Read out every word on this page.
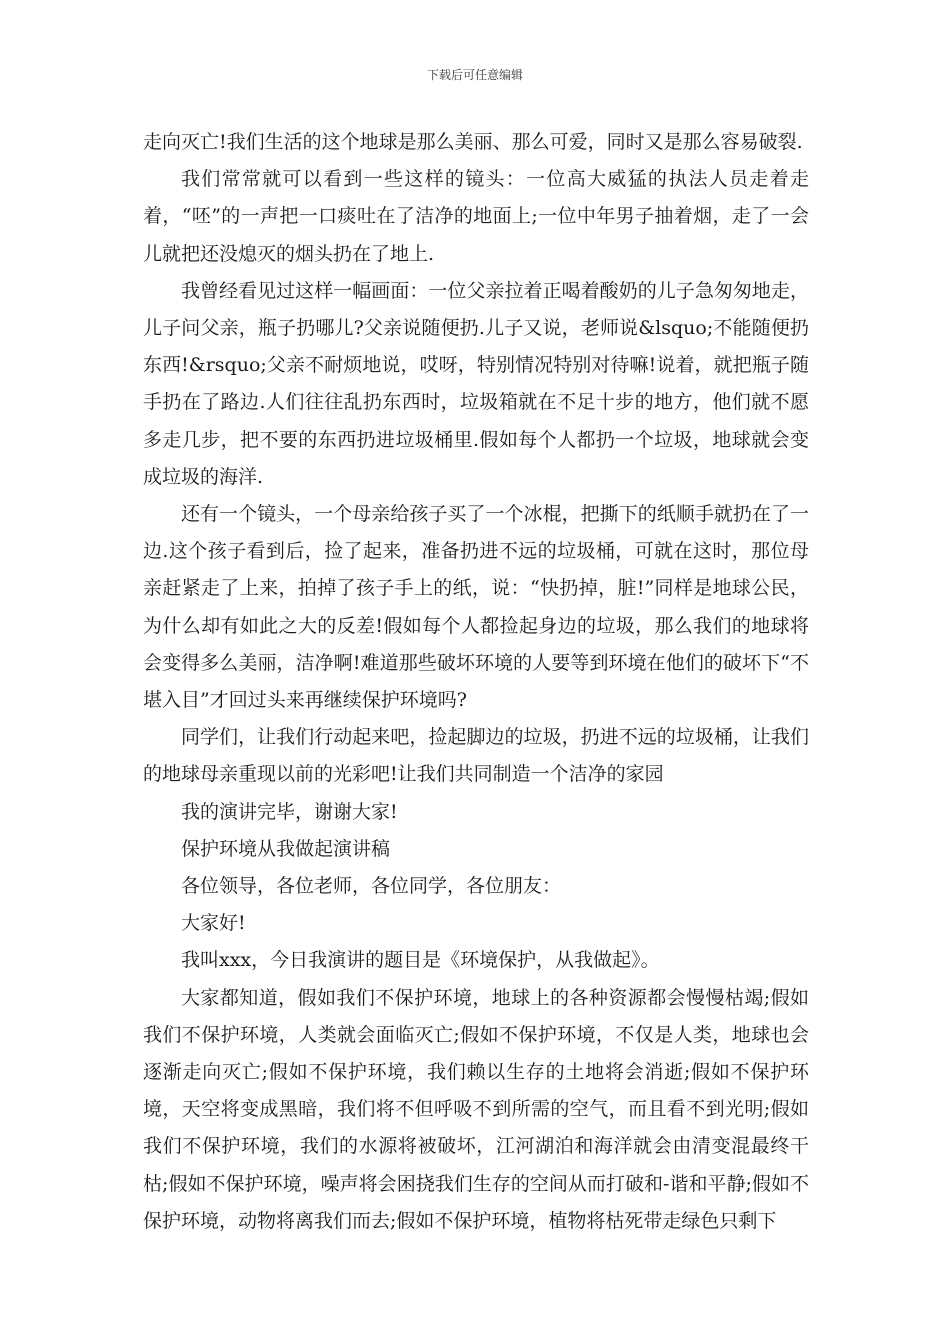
下载后可任意编辑

走向灭亡!我们生活的这个地球是那么美丽、那么可爱，同时又是那么容易破裂.

我们常常就可以看到一些这样的镜头：一位高大威猛的执法人员走着走着，“呸”的一声把一口痰吐在了洁净的地面上;一位中年男子抽着烟，走了一会儿就把还没熄灭的烟头扔在了地上.

我曾经看见过这样一幅画面：一位父亲拉着正喝着酸奶的儿子急匆匆地走，儿子问父亲，瓶子扔哪儿?父亲说随便扔.儿子又说，老师说&lsquo;不能随便扔东西!&rsquo;父亲不耐烦地说，哎呀，特别情况特别对待嘛!说着，就把瓶子随手扔在了路边.人们往往乱扔东西时，垃圾箱就在不足十步的地方，他们就不愿多走几步，把不要的东西扔进垃圾桶里.假如每个人都扔一个垃圾，地球就会变成垃圾的海洋.

还有一个镜头，一个母亲给孩子买了一个冰棍，把撕下的纸顺手就扔在了一边.这个孩子看到后，捡了起来，准备扔进不远的垃圾桶，可就在这时，那位母亲赶紧走了上来，拍掉了孩子手上的纸，说：“快扔掉，脏!”同样是地球公民，为什么却有如此之大的反差!假如每个人都捡起身边的垃圾，那么我们的地球将会变得多么美丽，洁净啊!难道那些破坏环境的人要等到环境在他们的破坏下“不堪入目”才回过头来再继续保护环境吗?

同学们，让我们行动起来吧，捡起脚边的垃圾，扔进不远的垃圾桶，让我们的地球母亲重现以前的光彩吧!让我们共同制造一个洁净的家园

我的演讲完毕，谢谢大家!

保护环境从我做起演讲稿

各位领导，各位老师，各位同学，各位朋友：

大家好!

我叫xxx，今日我演讲的题目是《环境保护，从我做起》。

大家都知道，假如我们不保护环境，地球上的各种资源都会慢慢枯竭;假如我们不保护环境，人类就会面临灭亡;假如不保护环境，不仅是人类，地球也会逐渐走向灭亡;假如不保护环境，我们赖以生存的土地将会消逝;假如不保护环境，天空将变成黑暗，我们将不但呼吸不到所需的空气，而且看不到光明;假如我们不保护环境，我们的水源将被破坏，江河湖泊和海洋就会由清变混最终干枯;假如不保护环境，噪声将会困挠我们生存的空间从而打破和-谐和平静;假如不保护环境，动物将离我们而去;假如不保护环境，植物将枯死带走绿色只剩下
